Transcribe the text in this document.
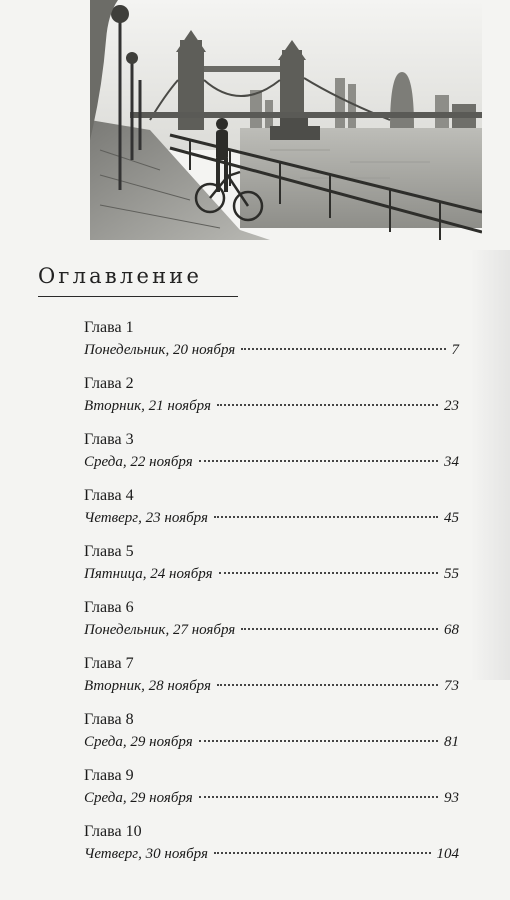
Оглавление
Глава 1
Понедельник, 20 ноября	7
Глава 2
Вторник, 21 ноября	23
Глава 3
Среда, 22 ноября	34
Глава 4
Четверг, 23 ноября	45
Глава 5
Пятница, 24 ноября	55
Глава 6
Понедельник, 27 ноября	68
Глава 7
Вторник, 28 ноября	73
Глава 8
Среда, 29 ноября	81
Глава 9
Среда, 29 ноября	93
Глава 10
Четверг, 30 ноября	104
